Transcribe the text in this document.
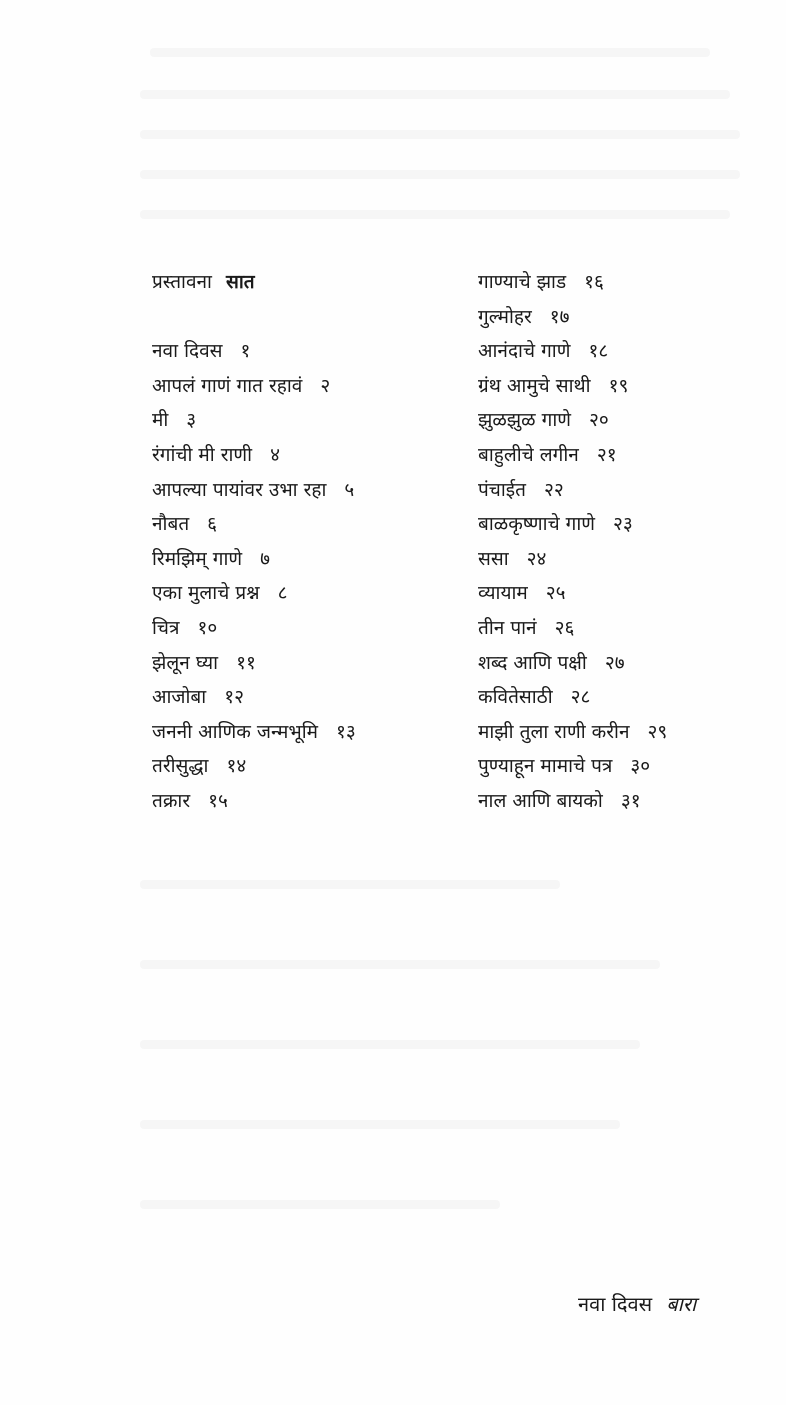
प्रस्तावना सात
नवा दिवस १
आपलं गाणं गात रहावं २
मी ३
रंगांची मी राणी ४
आपल्या पायांवर उभा रहा ५
नौबत ६
रिमझिम् गाणे ७
एका मुलाचे प्रश्न ८
चित्र १०
झेलून घ्या ११
आजोबा १२
जननी आणिक जन्मभूमि १३
तरीसुद्धा १४
तक्रार १५
गाण्याचे झाड १६
गुल्मोहर १७
आनंदाचे गाणे १८
ग्रंथ आमुचे साथी १९
झुळझुळ गाणे २०
बाहुलीचे लगीन २१
पंचाईत २२
बाळकृष्णाचे गाणे २३
ससा २४
व्यायाम २५
तीन पानं २६
शब्द आणि पक्षी २७
कवितेसाठी २८
माझी तुला राणी करीन २९
पुण्याहून मामाचे पत्र ३०
नाल आणि बायको ३१
नवा दिवस बारा
